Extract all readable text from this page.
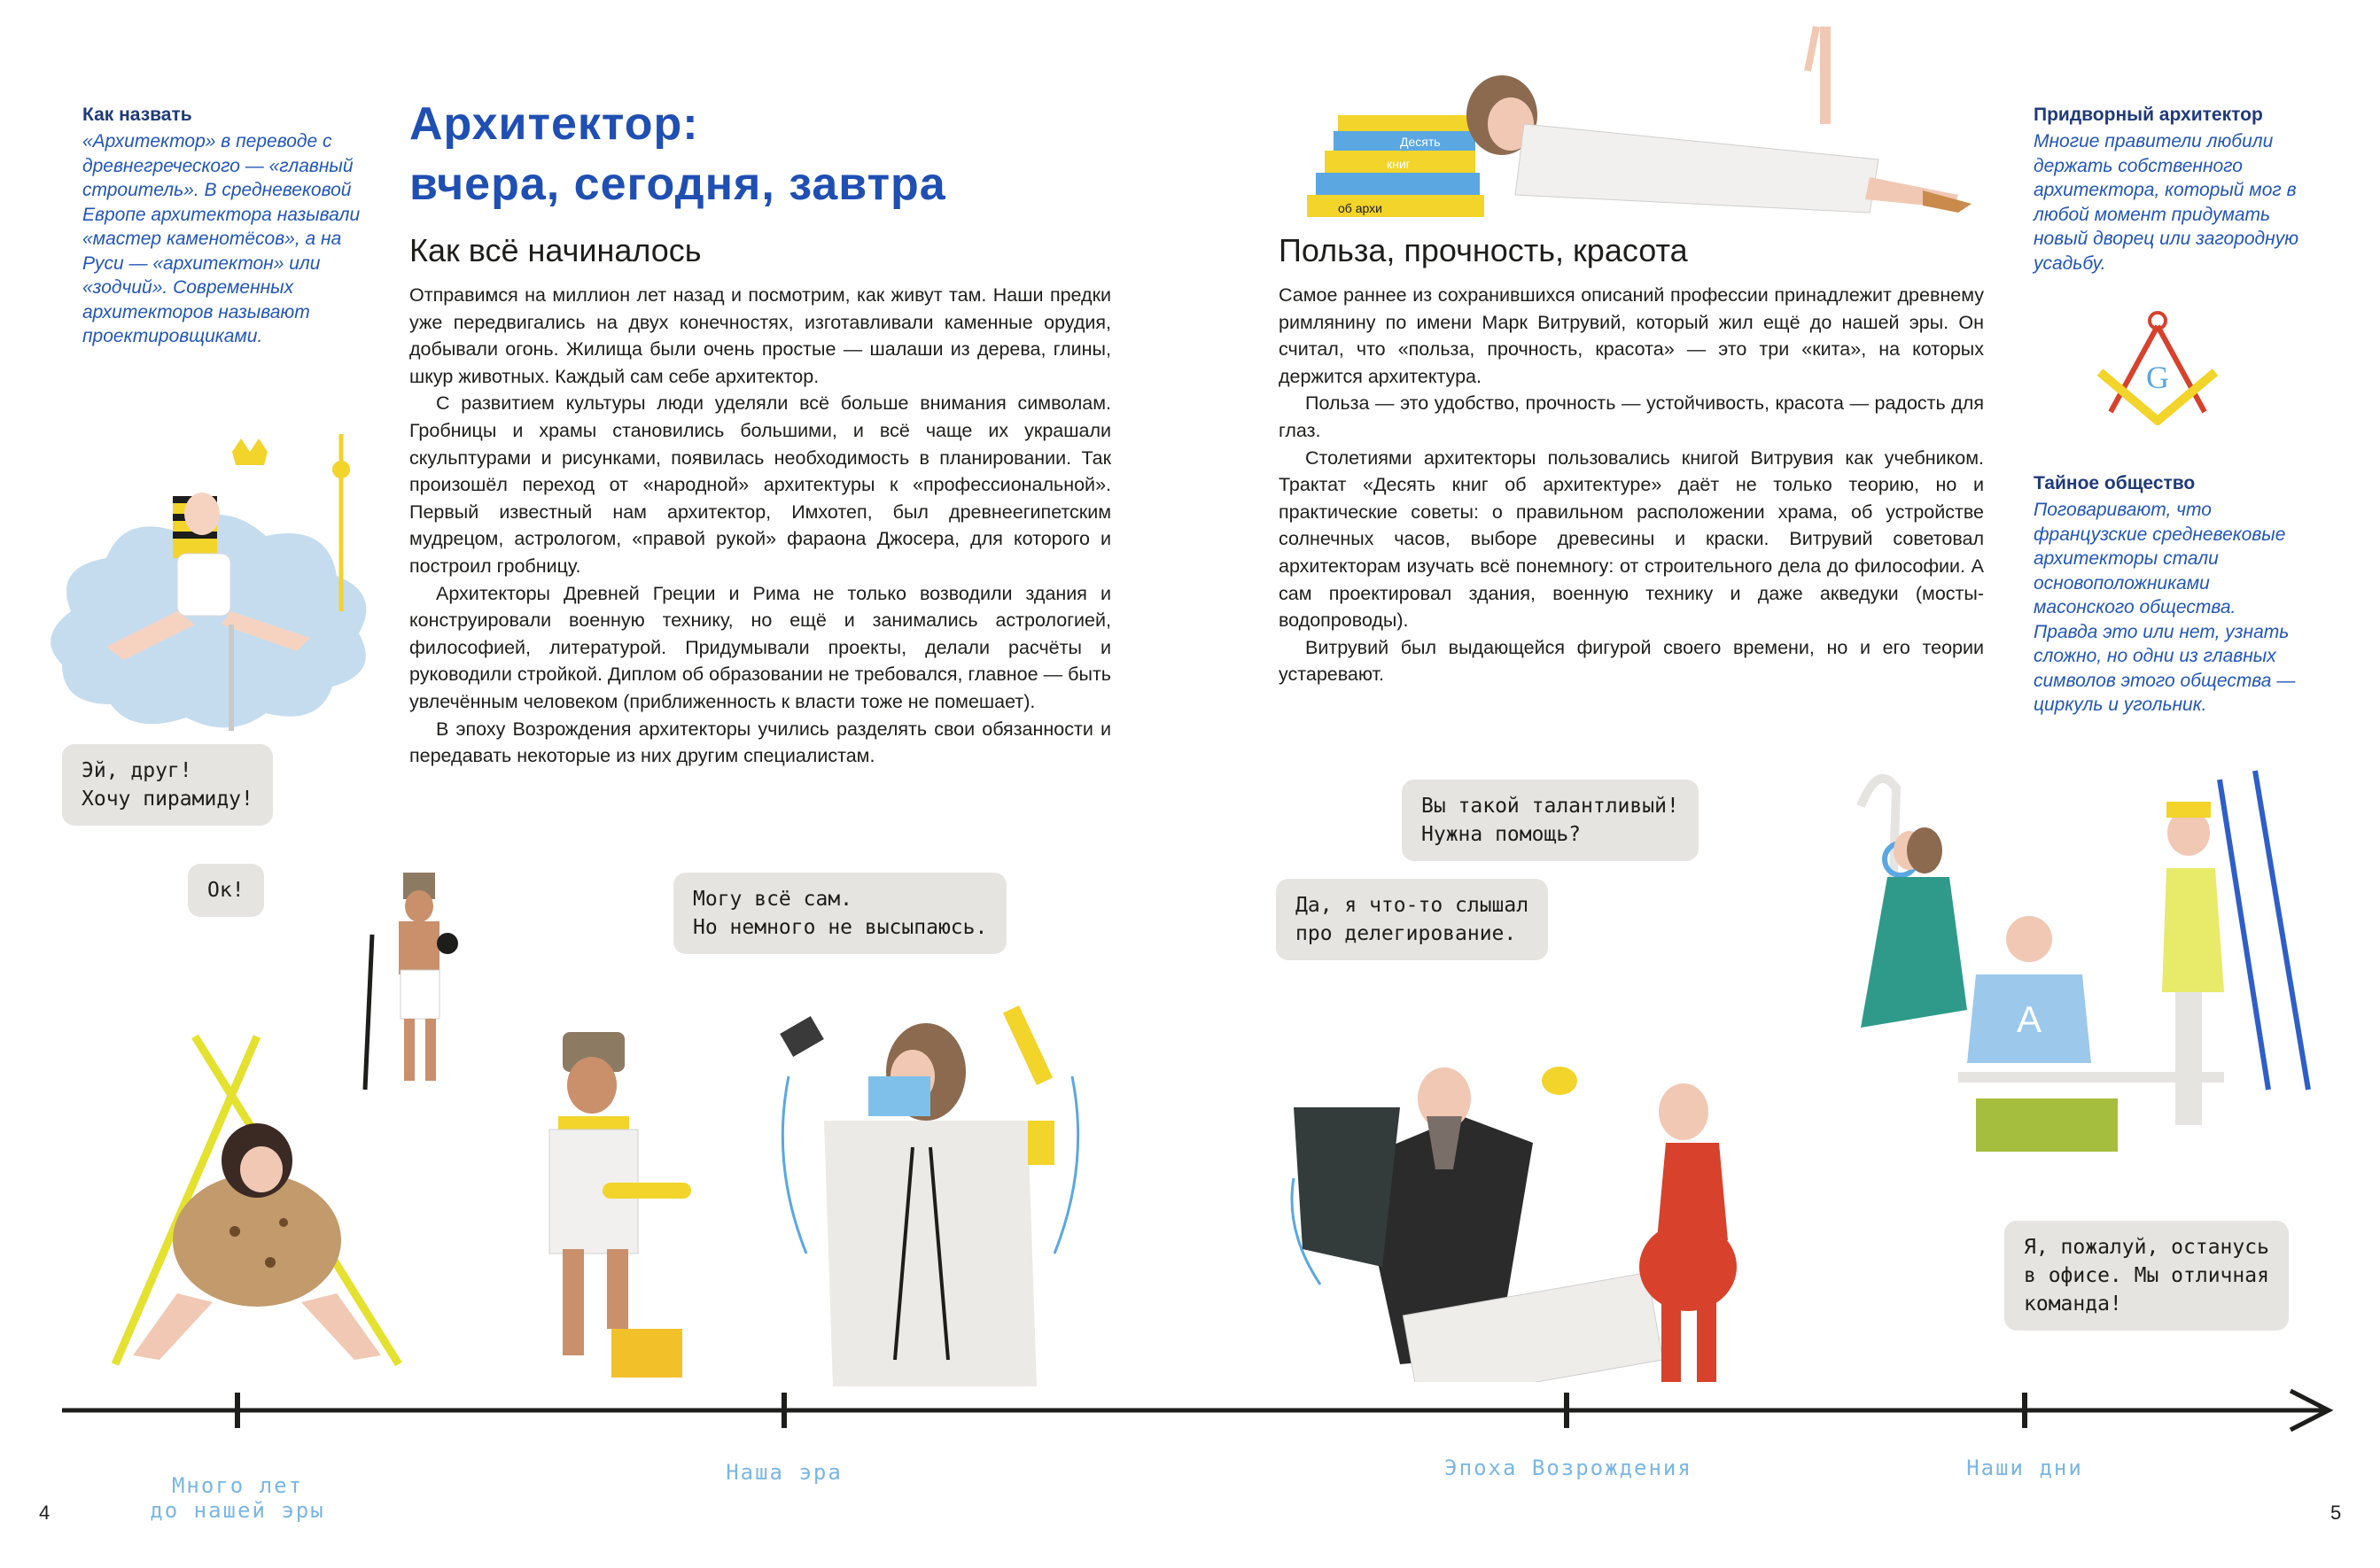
Как назвать

«Архитектор» в переводе с древнегреческого — «главный строитель». В средневековой Европе архитектора называли «мастер каменотёсов», а на Руси — «архитектон» или «зодчий». Современных архитекторов называют проектировщиками.

Архитектор:
вчера, сегодня, завтра
Как всё начиналось

Отправимся на миллион лет назад и посмотрим, как живут там. Наши предки уже передвигались на двух конечностях, изготавливали каменные орудия, добывали огонь. Жилища были очень простые — шалаши из дерева, глины, шкур животных. Каждый сам себе архитектор.

С развитием культуры люди уделяли всё больше внимания символам. Гробницы и храмы становились большими, и всё чаще их украшали скульптурами и рисунками, появилась необходимость в планировании. Так произошёл переход от «народной» архитектуры к «профессиональной». Первый известный нам архитектор, Имхотеп, был древнеегипетским мудрецом, астрологом, «правой рукой» фараона Джосера, для которого и построил гробницу.

Архитекторы Древней Греции и Рима не только возводили здания и конструировали военную технику, но ещё и занимались астрологией, философией, литературой. Придумывали проекты, делали расчёты и руководили стройкой. Диплом об образовании не требовался, главное — быть увлечённым человеком (приближенность к власти тоже не помешает).

В эпоху Возрождения архитекторы учились разделять свои обязанности и передавать некоторые из них другим специалистам.

Эй, друг!
Хочу пирамиду!
Ок!	Могу всё сам.
Но немного не высыпаюсь.
Десять
книг
об архи
Польза, прочность, красота

Самое раннее из сохранившихся описаний профессии принадлежит древнему римлянину по имени Марк Витрувий, который жил ещё до нашей эры. Он считал, что «польза, прочность, красота» — это три «кита», на которых держится архитектура.

Польза — это удобство, прочность — устойчивость, красота — радость для глаз.

Столетиями архитекторы пользовались книгой Витрувия как учебником. Трактат «Десять книг об архитектуре» даёт не только теорию, но и практические советы: о правильном расположении храма, об устройстве солнечных часов, выборе древесины и краски. Витрувий советовал архитекторам изучать всё понемногу: от строительного дела до философии. А сам проектировал здания, военную технику и даже акведуки (мосты-водопроводы).

Витрувий был выдающейся фигурой своего времени, но и его теории устаревают.

Придворный архитектор

Многие правители любили держать собственного архитектора, который мог в любой момент придумать новый дворец или загородную усадьбу.

G

Тайное общество

Поговаривают, что французские средневековые архитекторы стали основоположниками масонского общества. Правда это или нет, узнать сложно, но одни из главных символов этого общества — циркуль и угольник.

Вы такой талантливый!
Нужна помощь?
Да, я что-то слышал
про делегирование.
Я, пожалуй, останусь
в офисе. Мы отличная
команда!
A
Много лет
до нашей эры
Наша эра	Эпоха Возрождения	Наши дни
4	5
